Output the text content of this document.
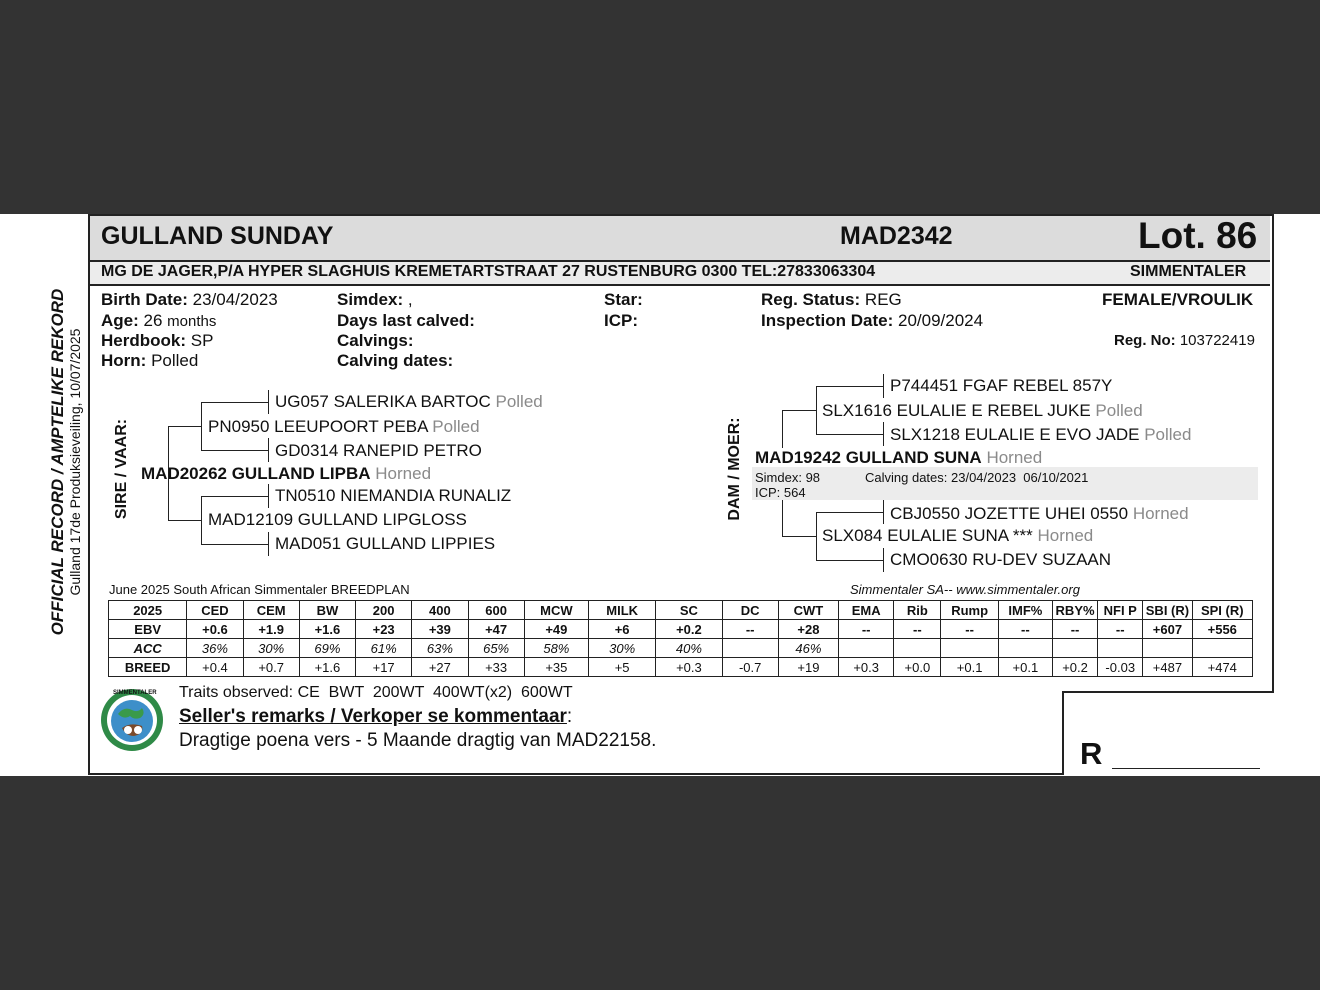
OFFICIAL RECORD / AMPTELIKE REKORD Gulland 17de Produksieveiling, 10/07/2025
GULLAND SUNDAY	MAD2342	Lot. 86
MG DE JAGER,P/A HYPER SLAGHUIS KREMETARTSTRAAT 27 RUSTENBURG 0300 TEL:27833063304	SIMMENTALER
Birth Date: 23/04/2023
Age: 26 months
Herdbook: SP
Horn: Polled
Simdex: ,
Days last calved:
Calvings:
Calving dates:
Star:
ICP:
Reg. Status: REG
Inspection Date: 20/09/2024
FEMALE/VROULIK
Reg. No: 103722419
SIRE / VAAR:	DAM / MOER:
UG057 SALERIKA BARTOC Polled
PN0950 LEEUPOORT PEBA Polled
GD0314 RANEPID PETRO
MAD20262 GULLAND LIPBA Horned
TN0510 NIEMANDIA RUNALIZ
MAD12109 GULLAND LIPGLOSS
MAD051 GULLAND LIPPIES
P744451 FGAF REBEL 857Y
SLX1616 EULALIE E REBEL JUKE Polled
SLX1218 EULALIE E EVO JADE Polled
MAD19242 GULLAND SUNA Horned
Simdex: 98
ICP: 564
Calving dates: 23/04/2023  06/10/2021
CBJ0550 JOZETTE UHEI 0550 Horned
SLX084 EULALIE SUNA *** Horned
CMO0630 RU-DEV SUZAAN
June 2025 South African Simmentaler BREEDPLAN	Simmentaler SA-- www.simmentaler.org
2025	CED	CEM	BW	200	400	600	MCW	MILK	SC	DC	CWT	EMA	Rib	Rump	IMF%	RBY%	NFI P	SBI (R)	SPI (R)
EBV	+0.6	+1.9	+1.6	+23	+39	+47	+49	+6	+0.2	--	+28	--	--	--	--	--	--	+607	+556
ACC	36%	30%	69%	61%	63%	65%	58%	30%	40%		46%								
BREED	+0.4	+0.7	+1.6	+17	+27	+33	+35	+5	+0.3	-0.7	+19	+0.3	+0.0	+0.1	+0.1	+0.2	-0.03	+487	+474
SIMMENTALER Traits observed: CE  BWT  200WT  400WT(x2)  600WT
Seller's remarks / Verkoper se kommentaar:
Dragtige poena vers - 5 Maande dragtig van MAD22158.	R
